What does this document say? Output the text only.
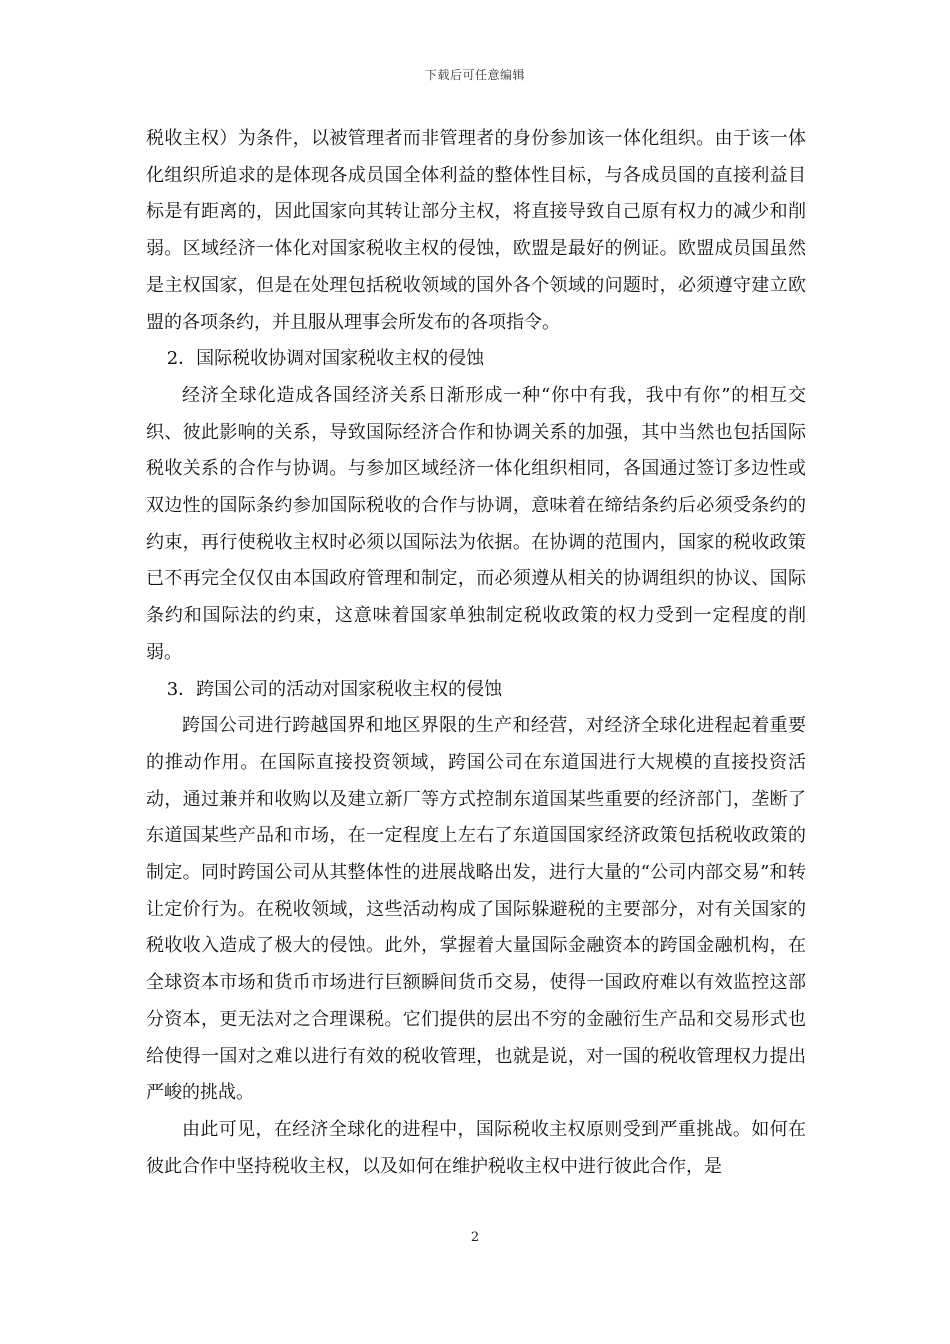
下载后可任意编辑

税收主权）为条件，以被管理者而非管理者的身份参加该一体化组织。由于该一体化组织所追求的是体现各成员国全体利益的整体性目标，与各成员国的直接利益目标是有距离的，因此国家向其转让部分主权，将直接导致自己原有权力的减少和削弱。区域经济一体化对国家税收主权的侵蚀，欧盟是最好的例证。欧盟成员国虽然是主权国家，但是在处理包括税收领域的国外各个领域的问题时，必须遵守建立欧盟的各项条约，并且服从理事会所发布的各项指令。

2．国际税收协调对国家税收主权的侵蚀

经济全球化造成各国经济关系日渐形成一种“你中有我，我中有你”的相互交织、彼此影响的关系，导致国际经济合作和协调关系的加强，其中当然也包括国际税收关系的合作与协调。与参加区域经济一体化组织相同，各国通过签订多边性或双边性的国际条约参加国际税收的合作与协调，意味着在缔结条约后必须受条约的约束，再行使税收主权时必须以国际法为依据。在协调的范围内，国家的税收政策已不再完全仅仅由本国政府管理和制定，而必须遵从相关的协调组织的协议、国际条约和国际法的约束，这意味着国家单独制定税收政策的权力受到一定程度的削弱。

3．跨国公司的活动对国家税收主权的侵蚀

跨国公司进行跨越国界和地区界限的生产和经营，对经济全球化进程起着重要的推动作用。在国际直接投资领域，跨国公司在东道国进行大规模的直接投资活动，通过兼并和收购以及建立新厂等方式控制东道国某些重要的经济部门，垄断了东道国某些产品和市场，在一定程度上左右了东道国国家经济政策包括税收政策的制定。同时跨国公司从其整体性的进展战略出发，进行大量的“公司内部交易”和转让定价行为。在税收领域，这些活动构成了国际躲避税的主要部分，对有关国家的税收收入造成了极大的侵蚀。此外，掌握着大量国际金融资本的跨国金融机构，在全球资本市场和货币市场进行巨额瞬间货币交易，使得一国政府难以有效监控这部分资本，更无法对之合理课税。它们提供的层出不穷的金融衍生产品和交易形式也给使得一国对之难以进行有效的税收管理，也就是说，对一国的税收管理权力提出严峻的挑战。

由此可见，在经济全球化的进程中，国际税收主权原则受到严重挑战。如何在彼此合作中坚持税收主权，以及如何在维护税收主权中进行彼此合作，是

2
